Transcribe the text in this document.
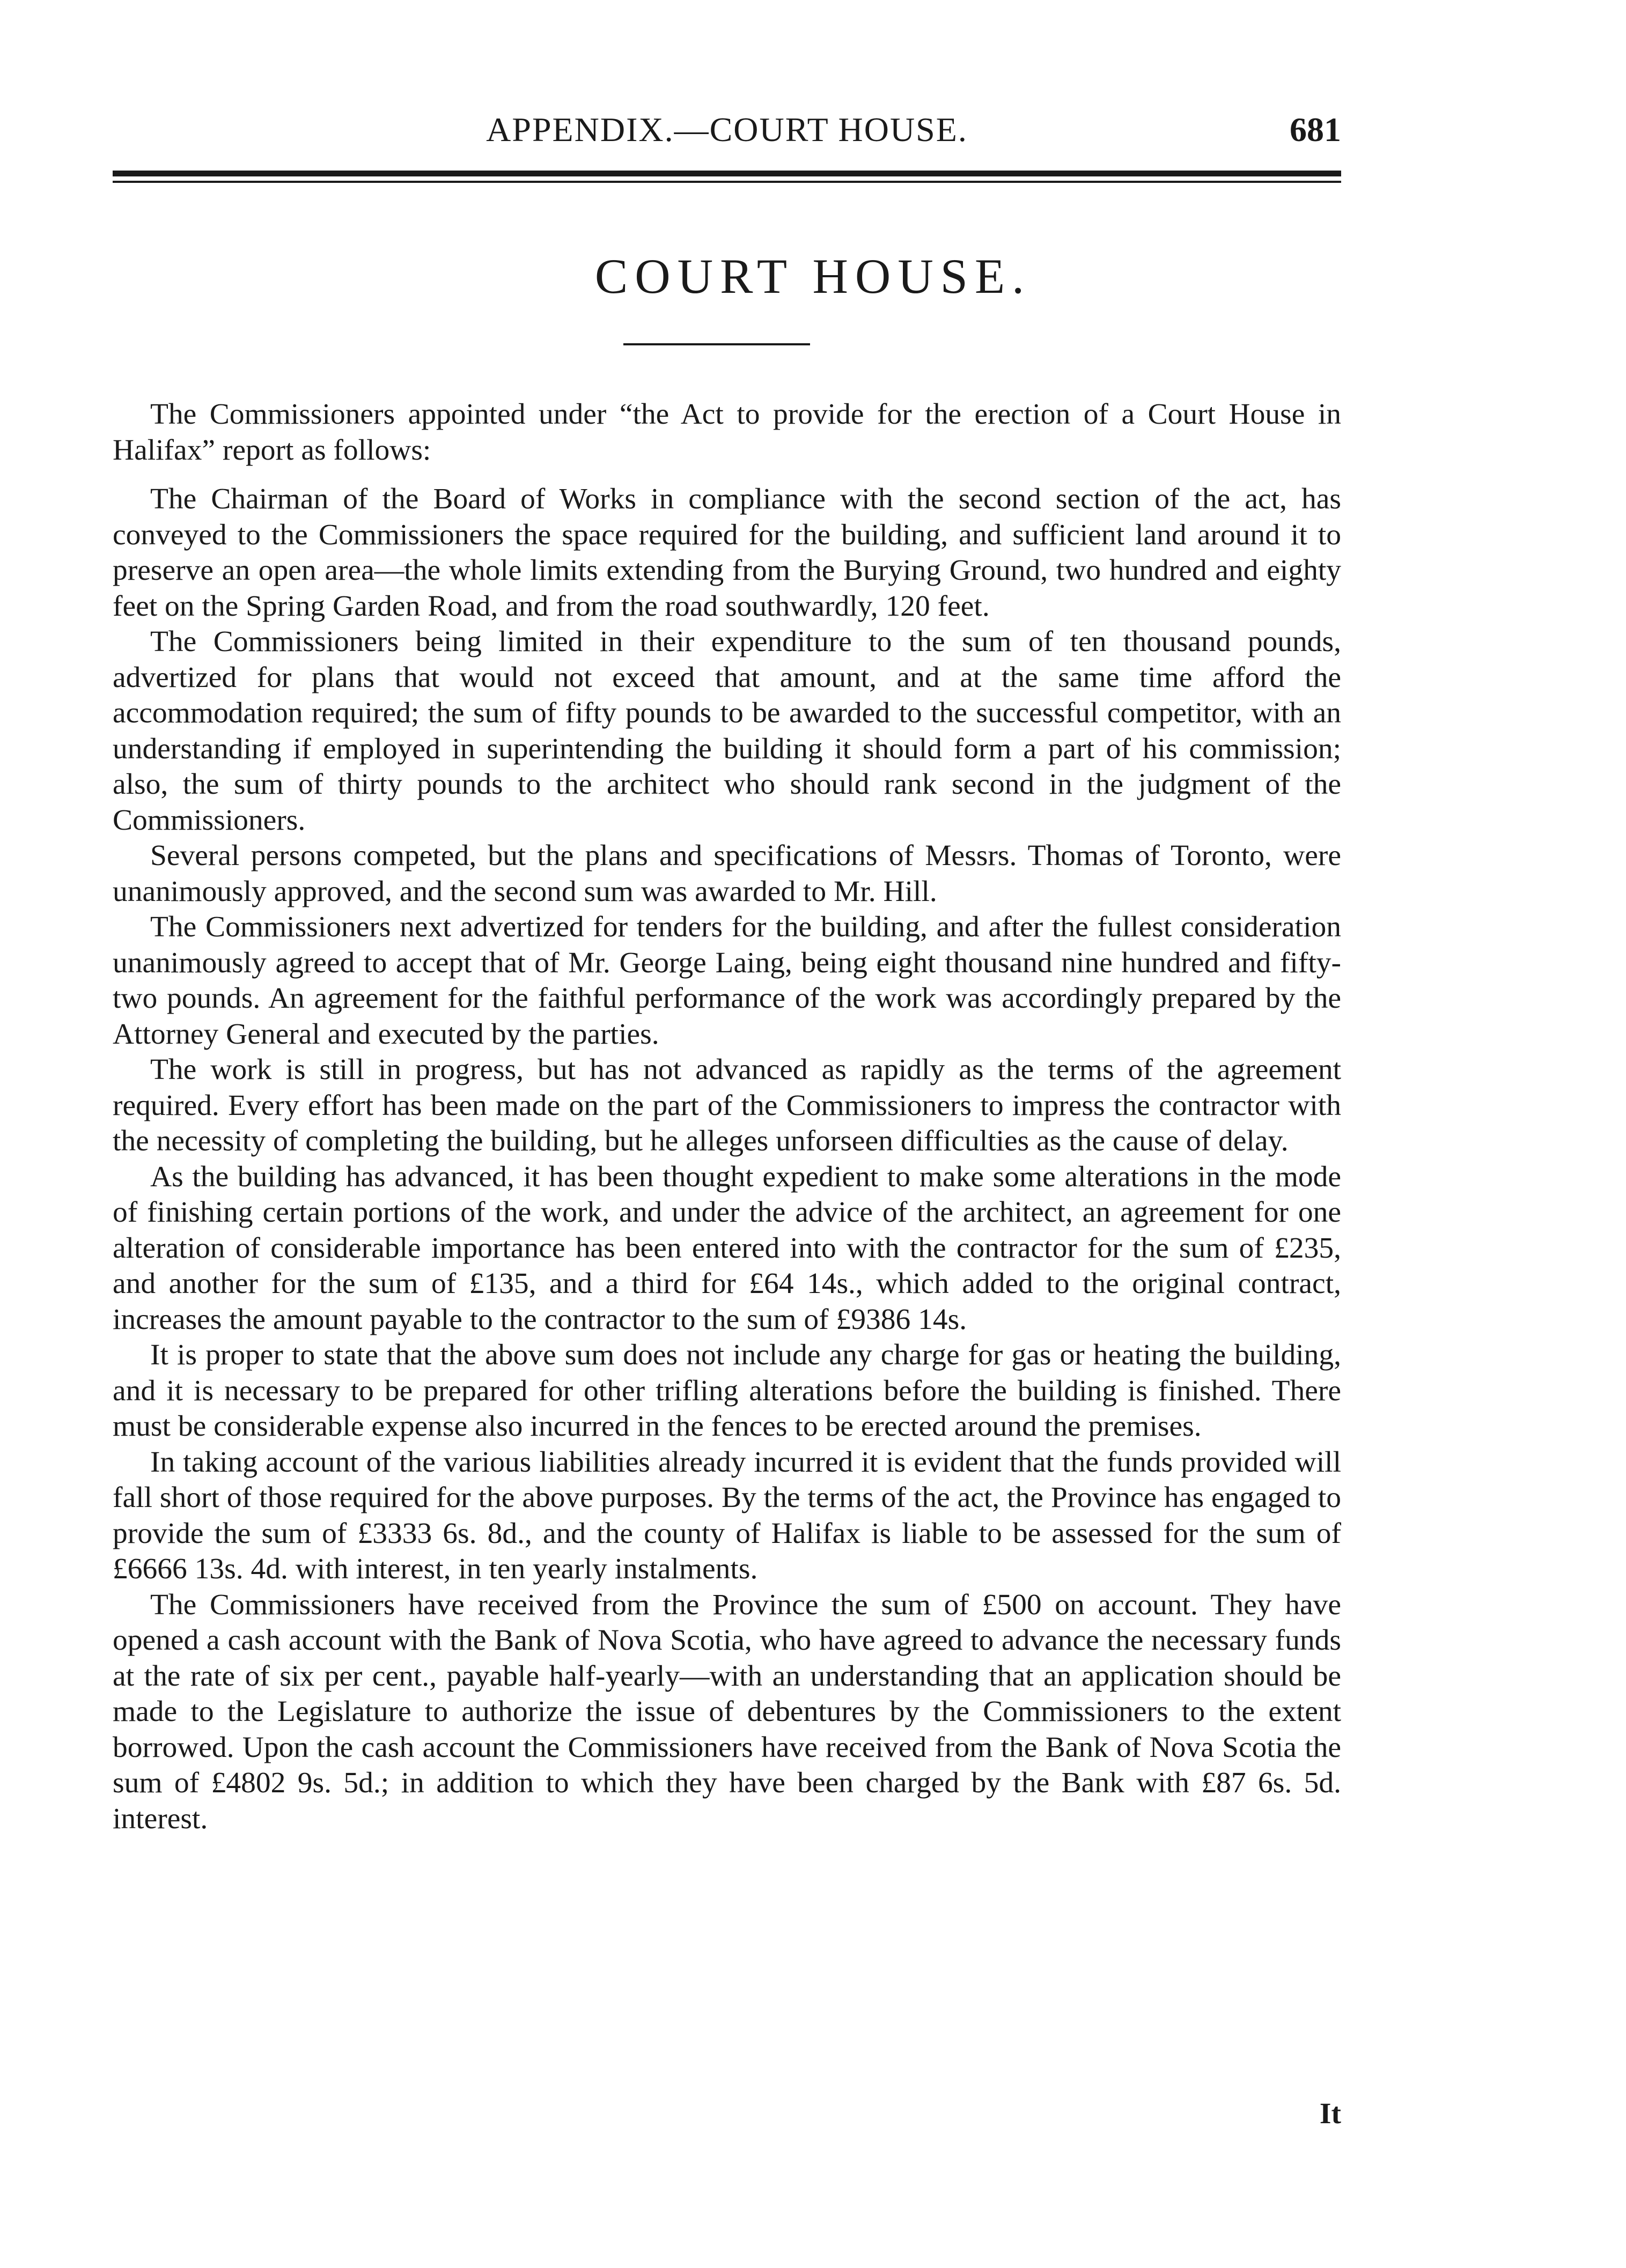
APPENDIX.—COURT HOUSE.	681
COURT HOUSE.

The Commissioners appointed under “the Act to provide for the erection of a Court House in Halifax” report as follows:

The Chairman of the Board of Works in compliance with the second section of the act, has conveyed to the Commissioners the space required for the building, and sufficient land around it to preserve an open area—the whole limits extending from the Burying Ground, two hundred and eighty feet on the Spring Garden Road, and from the road southwardly, 120 feet.

The Commissioners being limited in their expenditure to the sum of ten thousand pounds, advertized for plans that would not exceed that amount, and at the same time afford the accommodation required; the sum of fifty pounds to be awarded to the successful competitor, with an understanding if employed in superintending the building it should form a part of his commission; also, the sum of thirty pounds to the architect who should rank second in the judgment of the Commissioners.

Several persons competed, but the plans and specifications of Messrs. Thomas of Toronto, were unanimously approved, and the second sum was awarded to Mr. Hill.

The Commissioners next advertized for tenders for the building, and after the fullest consideration unanimously agreed to accept that of Mr. George Laing, being eight thousand nine hundred and fifty-two pounds. An agreement for the faithful performance of the work was accordingly prepared by the Attorney General and executed by the parties.

The work is still in progress, but has not advanced as rapidly as the terms of the agreement required. Every effort has been made on the part of the Commissioners to impress the contractor with the necessity of completing the building, but he alleges unforseen difficulties as the cause of delay.

As the building has advanced, it has been thought expedient to make some alterations in the mode of finishing certain portions of the work, and under the advice of the architect, an agreement for one alteration of considerable importance has been entered into with the contractor for the sum of £235, and another for the sum of £135, and a third for £64 14s., which added to the original contract, increases the amount payable to the contractor to the sum of £9386 14s.

It is proper to state that the above sum does not include any charge for gas or heating the building, and it is necessary to be prepared for other trifling alterations before the building is finished. There must be considerable expense also incurred in the fences to be erected around the premises.

In taking account of the various liabilities already incurred it is evident that the funds provided will fall short of those required for the above purposes. By the terms of the act, the Province has engaged to provide the sum of £3333 6s. 8d., and the county of Halifax is liable to be assessed for the sum of £6666 13s. 4d. with interest, in ten yearly instalments.

The Commissioners have received from the Province the sum of £500 on account. They have opened a cash account with the Bank of Nova Scotia, who have agreed to advance the necessary funds at the rate of six per cent., payable half-yearly—with an understanding that an application should be made to the Legislature to authorize the issue of debentures by the Commissioners to the extent borrowed. Upon the cash account the Commissioners have received from the Bank of Nova Scotia the sum of £4802 9s. 5d.; in addition to which they have been charged by the Bank with £87 6s. 5d. interest.

It
